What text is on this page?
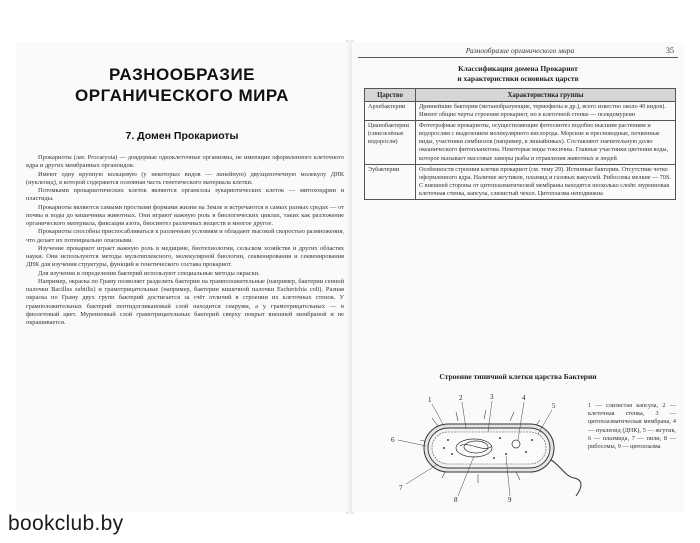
РАЗНООБРАЗИЕ
ОРГАНИЧЕСКОГО МИРА
7. Домен Прокариоты

Прокариоты (лат. Procaryota) — доядерные одноклеточные организмы, не имеющие оформленного клеточного ядра и других мембранных органоидов.

Имеют одну крупную кольцевую (у некоторых видов — линейную) двухцепочечную молекулу ДНК (нуклеоид), в которой содержится основная часть генетического материала клетки.

Потомками прокариотических клеток являются органеллы эукариотических клеток — митохондрии и пластиды.

Прокариоты являются самыми простыми формами жизни на Земле и встречаются в самых разных средах — от почвы и воды до кишечника животных. Они играют важную роль в биологических циклах, таких как разложение органического материала, фиксация азота, биосинтез различных веществ и многое другое.

Прокариоты способны приспосабливаться к различным условиям и обладают высокой скоростью размножения, что делает их потенциально опасными.

Изучение прокариот играет важную роль в медицине, биотехнологии, сельском хозяйстве и других областях науки. Они используются методы мультиплексного, молекулярной биологии, секвенирования и секвенирования ДНК для изучения структуры, функций и генетического состава прокариот.

Для изучения и определения бактерий используют специальные методы окраски.

Например, окраска по Граму позволяет разделить бактерии на грамположительные (например, бактерии сенной палочки Bacillus subtilis) и грамотрицательные (например, бактерии кишечной палочки Escherichia coli). Разная окраска по Граму двух групп бактерий достигается за счёт отличий в строении их клеточных стенок. У грамположительных бактерий пептидогликановый слой находится снаружи, а у грамотрицательных — в фиолетовый цвет. Муреиновый слой грамотрицательных бактерий сверху покрыт внешней мембраной и не окрашивается.

Разнообразие органического мира	35
Классификация домена Прокариот
и характеристики основных царств
Царство	Характеристика группы
Архебактерии	Древнейшие бактерии (метанобразующие, термофилы и др.), всего известно около 40 видов). Имеют общие черты строения прокариот, но в клеточной стенке — псевдомуреин
Цианобактерии (синезелёные водоросли)	Фототрофные прокариоты, осуществляющие фотосинтез подобно высшим растениям и водорослям с выделением молекулярного кислорода. Морские и пресноводные, почвенные виды, участники симбиозов (например, в лишайниках). Составляют значительную долю океанического фитопланктона. Некоторые виды токсичны. Главные участники цветения воды, которое вызывает массовые заморы рыбы и отравления животных и людей
Эубактерии	Особенности строения клетки прокариот (см. тему 29). Истинные бактерии. Отсутствие четко оформленного ядра. Наличие жгутиков, плазмид и газовых вакуолей. Рибосомы мелкие — 70S. С внешней стороны от цитоплазматической мембраны находятся несколько слоёв: муреиновая клеточная стенка, капсула, слизистый чехол. Цитоплазма неподвижна
Строение типичной клетки царства Бактерии
1	2	3	4
5
6
7
8	9
1 — слизистая капсула, 2 — клеточная стенка, 3 — цитоплазматическая мембрана, 4 — нуклеоид (ДНК), 5 — жгутик, 6 — плазмида, 7 — пили, 8 — рибосомы, 9 — цитоплазма
bookclub.by
